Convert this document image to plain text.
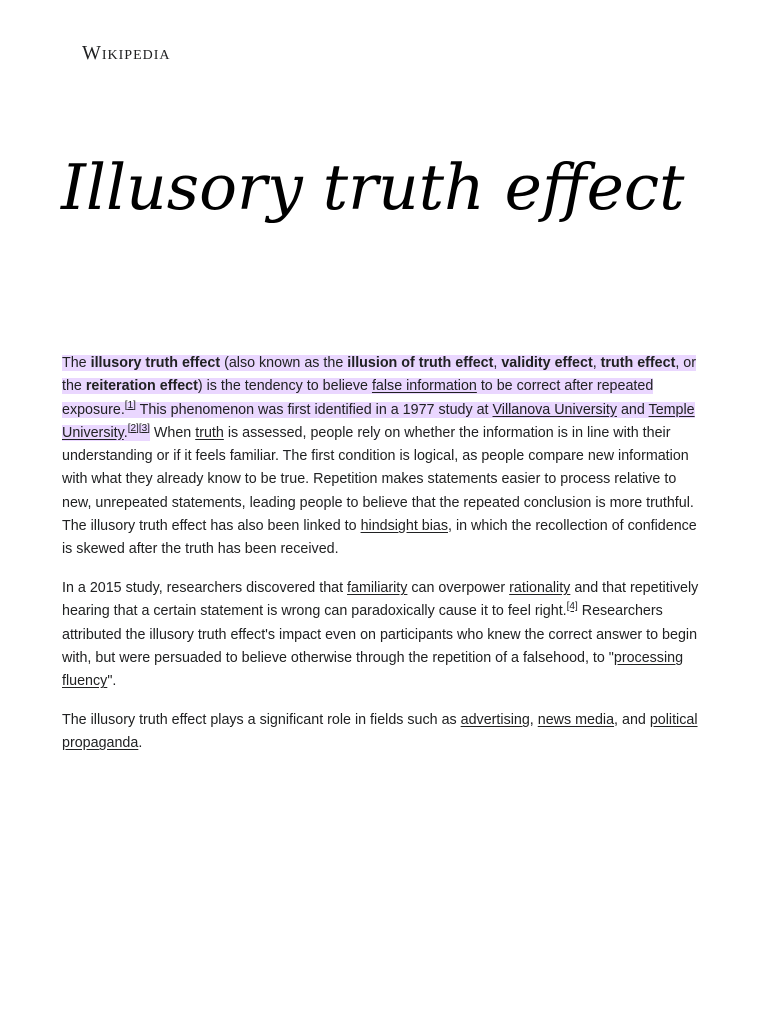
Wikipedia
Illusory truth effect

The illusory truth effect (also known as the illusion of truth effect, validity effect, truth effect, or the reiteration effect) is the tendency to believe false information to be correct after repeated exposure.[1] This phenomenon was first identified in a 1977 study at Villanova University and Temple University.[2][3] When truth is assessed, people rely on whether the information is in line with their understanding or if it feels familiar. The first condition is logical, as people compare new information with what they already know to be true. Repetition makes statements easier to process relative to new, unrepeated statements, leading people to believe that the repeated conclusion is more truthful. The illusory truth effect has also been linked to hindsight bias, in which the recollection of confidence is skewed after the truth has been received.

In a 2015 study, researchers discovered that familiarity can overpower rationality and that repetitively hearing that a certain statement is wrong can paradoxically cause it to feel right.[4] Researchers attributed the illusory truth effect's impact even on participants who knew the correct answer to begin with, but were persuaded to believe otherwise through the repetition of a falsehood, to "processing fluency".

The illusory truth effect plays a significant role in fields such as advertising, news media, and political propaganda.
